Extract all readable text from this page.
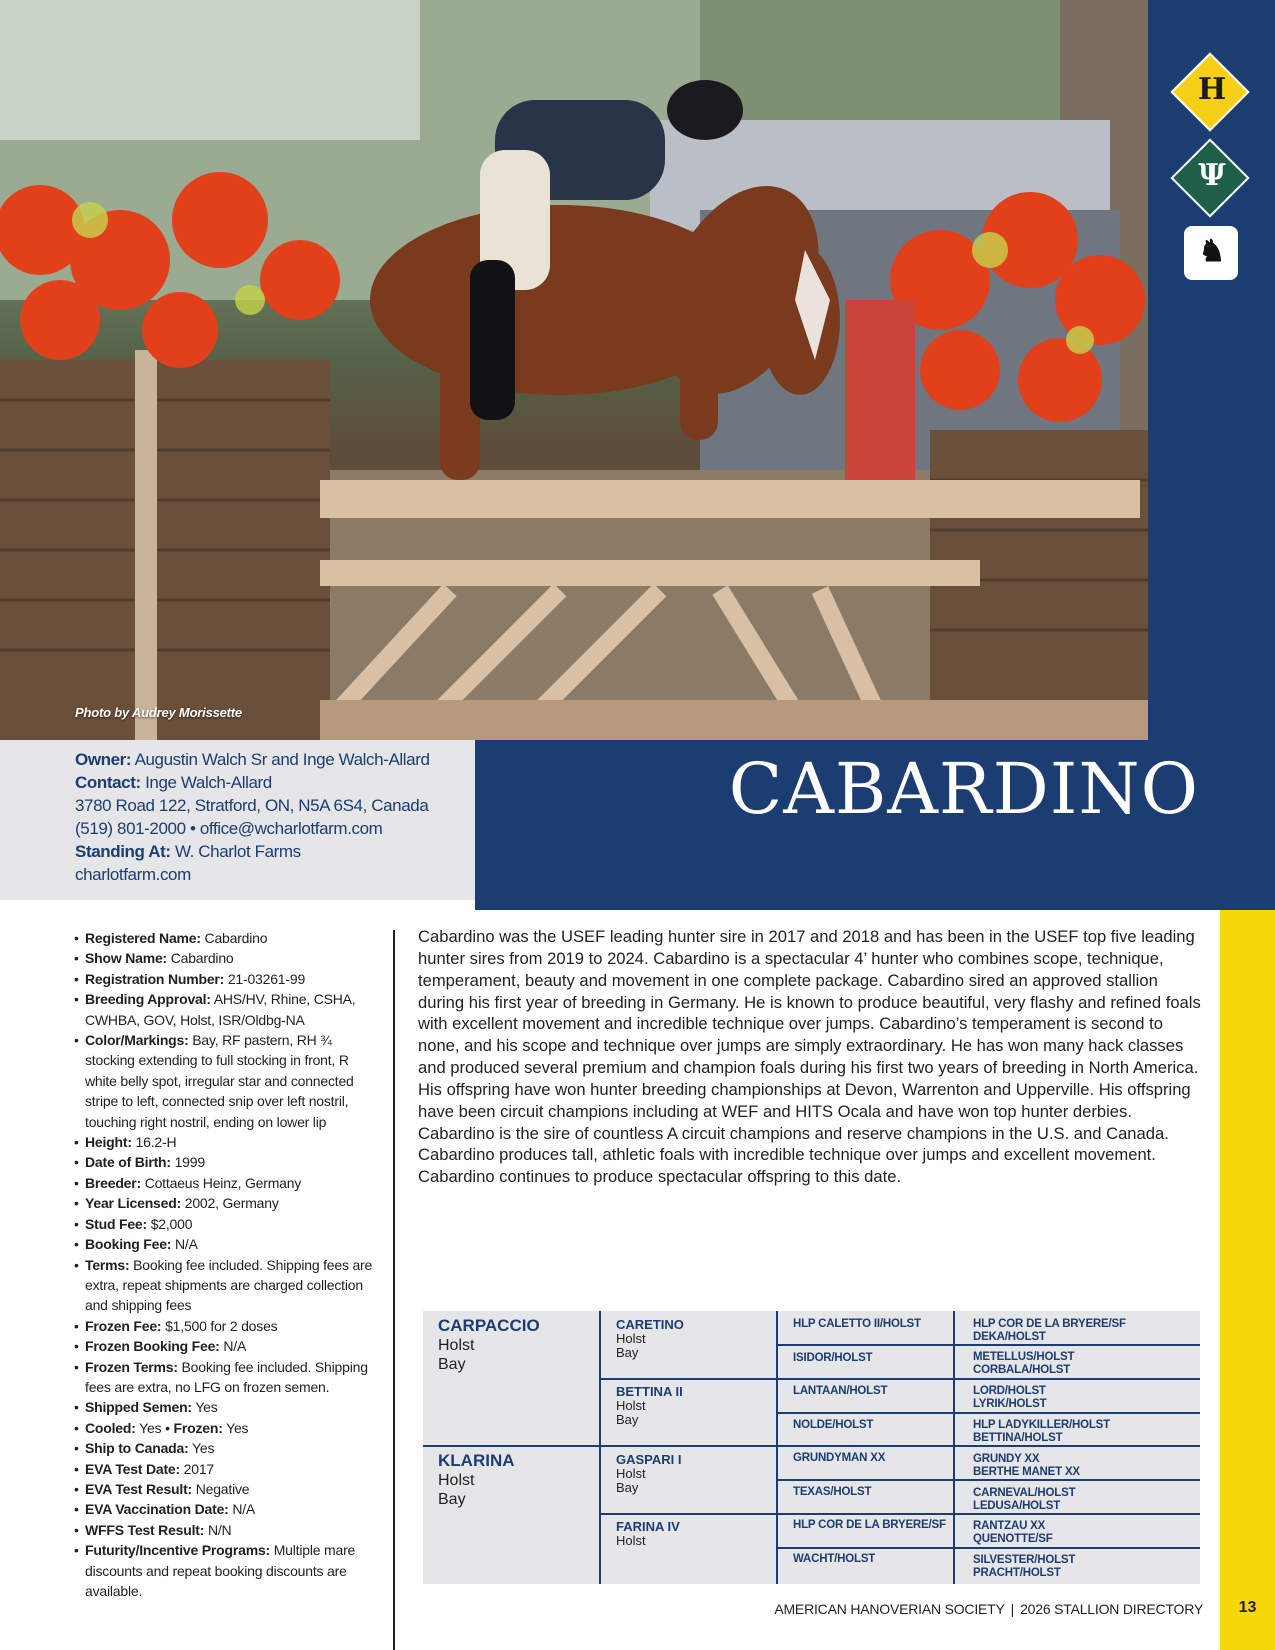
Photo by Audrey Morissette
H
Ψ
♞
Owner: Augustin Walch Sr and Inge Walch-Allard
Contact: Inge Walch-Allard
3780 Road 122, Stratford, ON, N5A 6S4, Canada
(519) 801-2000 • office@wcharlotfarm.com
Standing At: W. Charlot Farms
charlotfarm.com
CABARDINO
• Registered Name: Cabardino
• Show Name: Cabardino
• Registration Number: 21-03261-99
• Breeding Approval: AHS/HV, Rhine, CSHA, CWHBA, GOV, Holst, ISR/Oldbg-NA
• Color/Markings: Bay, RF pastern, RH ¾ stocking extending to full stocking in front, R white belly spot, irregular star and connected stripe to left, connected snip over left nostril, touching right nostril, ending on lower lip
• Height: 16.2-H
• Date of Birth: 1999
• Breeder: Cottaeus Heinz, Germany
• Year Licensed: 2002, Germany
• Stud Fee: $2,000
• Booking Fee: N/A
• Terms: Booking fee included. Shipping fees are extra, repeat shipments are charged collection and shipping fees
• Frozen Fee: $1,500 for 2 doses
• Frozen Booking Fee: N/A
• Frozen Terms: Booking fee included. Shipping fees are extra, no LFG on frozen semen.
• Shipped Semen: Yes
• Cooled: Yes • Frozen: Yes
• Ship to Canada: Yes
• EVA Test Date: 2017
• EVA Test Result: Negative
• EVA Vaccination Date: N/A
• WFFS Test Result: N/N
• Futurity/Incentive Programs: Multiple mare discounts and repeat booking discounts are available.

Cabardino was the USEF leading hunter sire in 2017 and 2018 and has been in the USEF top five leading hunter sires from 2019 to 2024. Cabardino is a spectacular 4’ hunter who combines scope, technique, temperament, beauty and movement in one complete package. Cabardino sired an approved stallion during his first year of breeding in Germany. He is known to produce beautiful, very flashy and refined foals with excellent movement and incredible technique over jumps. Cabardino’s temperament is second to none, and his scope and technique over jumps are simply extraordinary. He has won many hack classes and produced several premium and champion foals during his first two years of breeding in North America. His offspring have won hunter breeding championships at Devon, Warrenton and Upperville. His offspring have been circuit champions including at WEF and HITS Ocala and have won top hunter derbies. Cabardino is the sire of countless A circuit champions and reserve champions in the U.S. and Canada. Cabardino produces tall, athletic foals with incredible technique over jumps and excellent movement. Cabardino continues to produce spectacular offspring to this date.

CARPACCIO
Holst
Bay
KLARINA
Holst
Bay
CARETINO
Holst
Bay
BETTINA II
Holst
Bay
GASPARI I
Holst
Bay
FARINA IV
Holst
HLP CALETTO II/HOLST
ISIDOR/HOLST
LANTAAN/HOLST
NOLDE/HOLST
GRUNDYMAN XX
TEXAS/HOLST
HLP COR DE LA BRYERE/SF
WACHT/HOLST
HLP COR DE LA BRYERE/SF
DEKA/HOLST
METELLUS/HOLST
CORBALA/HOLST
LORD/HOLST
LYRIK/HOLST
HLP LADYKILLER/HOLST
BETTINA/HOLST
GRUNDY XX
BERTHE MANET XX
CARNEVAL/HOLST
LEDUSA/HOLST
RANTZAU XX
QUENOTTE/SF
SILVESTER/HOLST
PRACHT/HOLST
AMERICAN HANOVERIAN SOCIETY | 2026 STALLION DIRECTORY	13
